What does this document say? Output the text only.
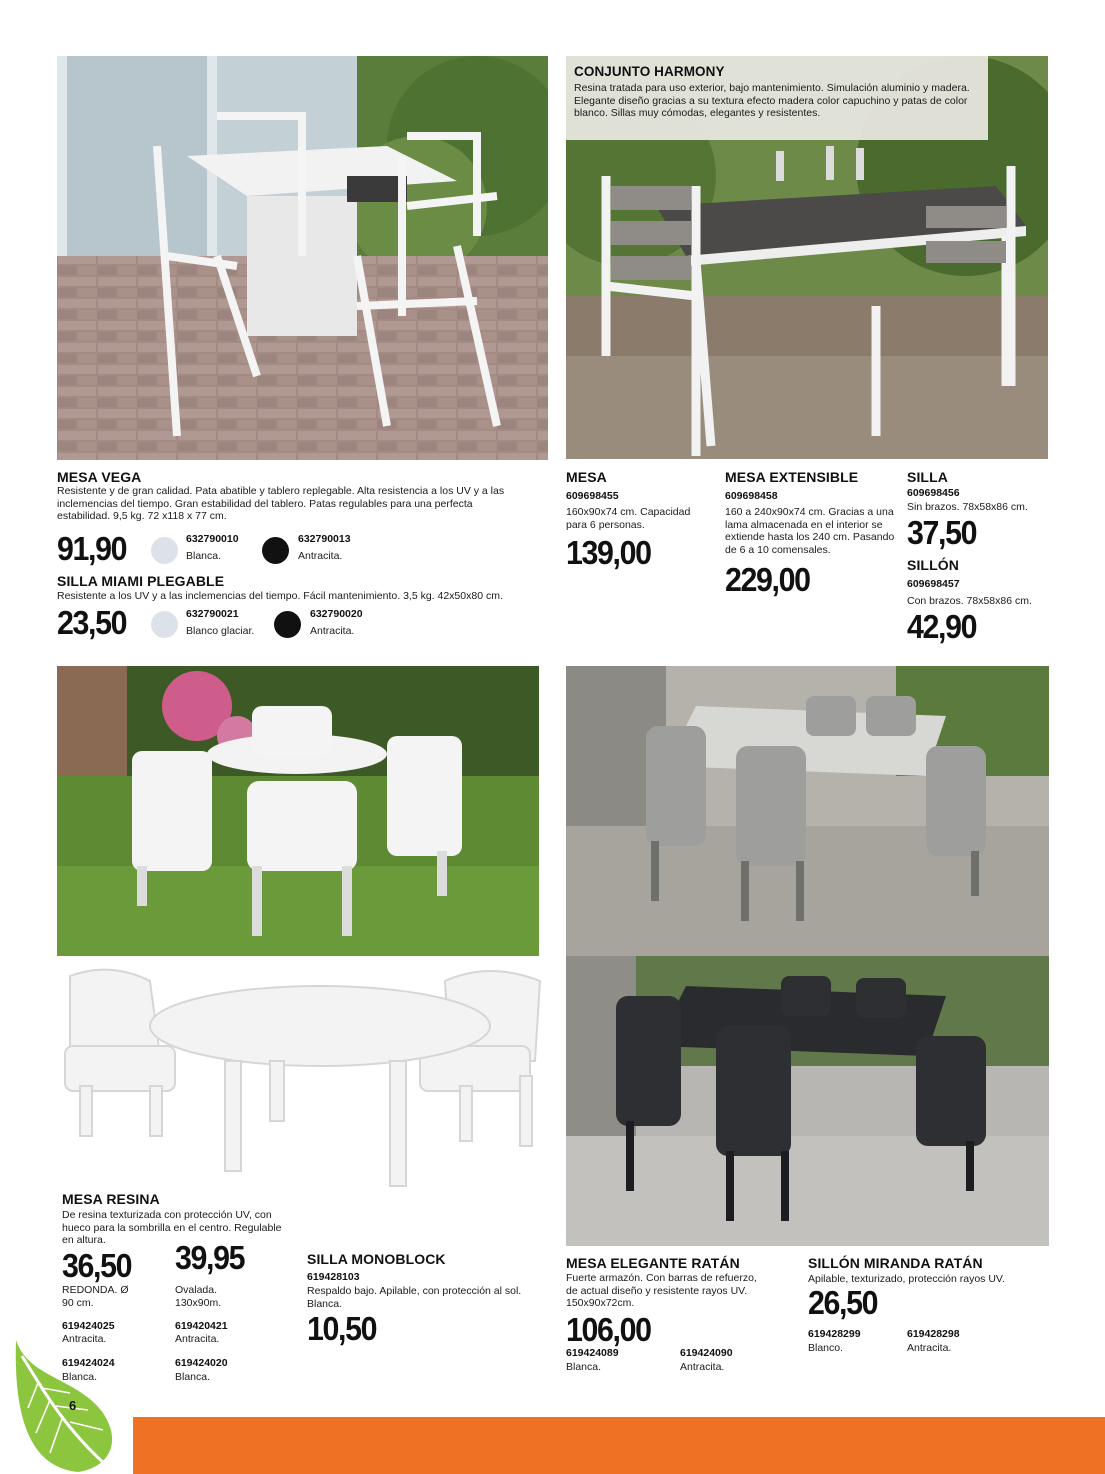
CONJUNTO HARMONY
Resina tratada para uso exterior, bajo mantenimiento. Simulación aluminio y madera. Elegante diseño gracias a su textura efecto madera color capuchino y patas de color blanco. Sillas muy cómodas, elegantes y resistentes.
MESA VEGA
Resistente y de gran calidad. Pata abatible y tablero replegable. Alta resistencia a los UV y a las inclemencias del tiempo. Gran estabilidad del tablero. Patas regulables para una perfecta estabilidad. 9,5 kg. 72 x118 x 77 cm.
91,90	632790010
Blanca.
632790013
Antracita.
SILLA MIAMI PLEGABLE
Resistente a los UV y a las inclemencias del tiempo. Fácil mantenimiento. 3,5 kg. 42x50x80 cm.
23,50	632790021
Blanco glaciar.
632790020
Antracita.
MESA
609698455
160x90x74 cm. Capacidad para 6 personas.
139,00
MESA EXTENSIBLE
609698458
160 a 240x90x74 cm. Gracias a una lama almacenada en el interior se extiende hasta los 240 cm. Pasando de 6 a 10 comensales.
229,00
SILLA
609698456
Sin brazos. 78x58x86 cm.
37,50
SILLÓN
609698457
Con brazos. 78x58x86 cm.
42,90
MESA RESINA
De resina texturizada con protección UV, con hueco para la sombrilla en el centro. Regulable en altura.
36,50
REDONDA. Ø 90 cm.
619424025
Antracita.
619424024
Blanca.
39,95
Ovalada. 130x90m.
619420421
Antracita.
619424020
Blanca.
SILLA MONOBLOCK
619428103
Respaldo bajo. Apilable, con protección al sol. Blanca.
10,50
MESA ELEGANTE RATÁN
Fuerte armazón. Con barras de refuerzo, de actual diseño y resistente rayos UV. 150x90x72cm.
106,00
619424089
Blanca.
619424090
Antracita.
SILLÓN MIRANDA RATÁN
Apilable, texturizado, protección rayos UV.
26,50
619428299
Blanco.
619428298
Antracita.
6
